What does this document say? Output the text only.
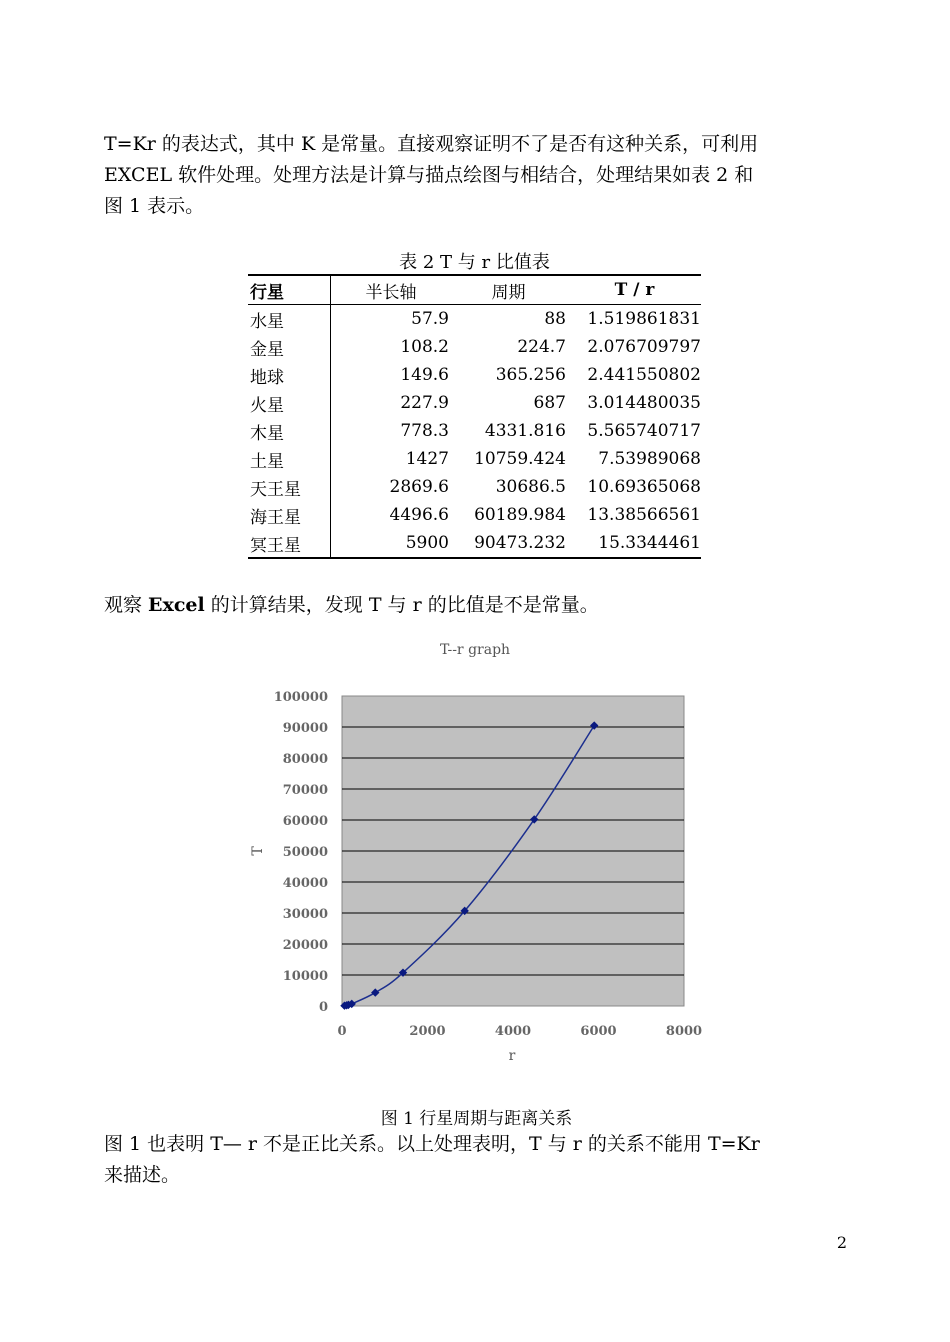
T=Kr 的表达式，其中 K 是常量。直接观察证明不了是否有这种关系，可利用
EXCEL 软件处理。处理方法是计算与描点绘图与相结合，处理结果如表 2 和
图 1 表示。

表 2 T 与 r 比值表
行星	半长轴	周期	T / r
水星	57.9	88	1.519861831
金星	108.2	224.7	2.076709797
地球	149.6	365.256	2.441550802
火星	227.9	687	3.014480035
木星	778.3	4331.816	5.565740717
土星	1427	10759.424	7.53989068
天王星	2869.6	30686.5	10.69365068
海王星	4496.6	60189.984	13.38566561
冥王星	5900	90473.232	15.3344461

观察 Excel 的计算结果，发现 T 与 r 的比值是不是常量。

T--r graph
0
10000
20000
30000
40000
50000
60000
70000
80000
90000
100000
0	2000	4000	6000	8000
r
T
图 1 行星周期与距离关系

图 1 也表明 T— r 不是正比关系。以上处理表明，T 与 r 的关系不能用 T=Kr
来描述。

2
